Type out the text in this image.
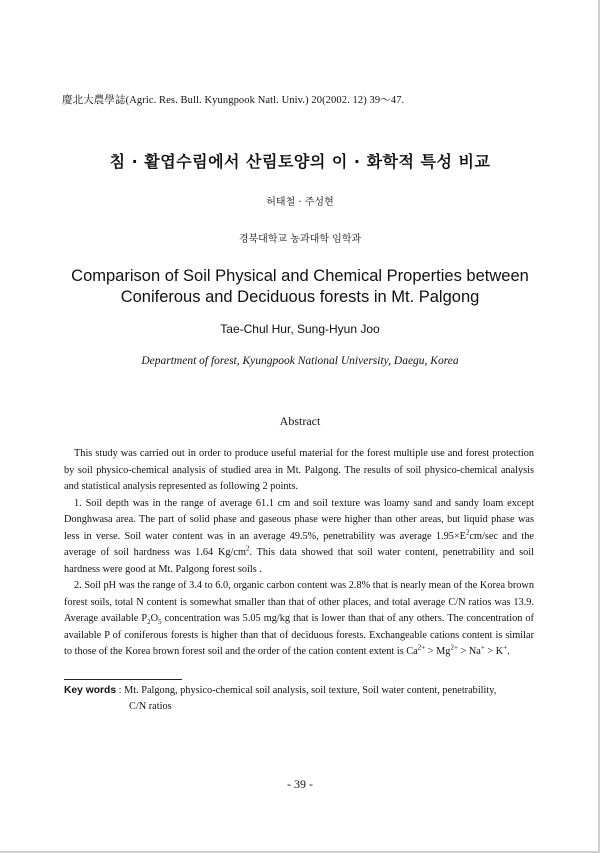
慶北大農學誌(Agric. Res. Bull. Kyungpook Natl. Univ.) 20(2002. 12) 39～47.
침 · 활엽수림에서 산림토양의 이 · 화학적 특성 비교
허태철 · 주성현
경북대학교 농과대학 임학과
Comparison of Soil Physical and Chemical Properties between
Coniferous and Deciduous forests in Mt. Palgong
Tae-Chul Hur, Sung-Hyun Joo
Department of forest, Kyungpook National University, Daegu, Korea
Abstract

This study was carried out in order to produce useful material for the forest multiple use and forest protection by soil physico-chemical analysis of studied area in Mt. Palgong. The results of soil physico-chemical analysis and statistical analysis represented as following 2 points.

1. Soil depth was in the range of average 61.1 cm and soil texture was loamy sand and sandy loam except Donghwasa area. The part of solid phase and gaseous phase were higher than other areas, but liquid phase was less in verse. Soil water content was in an average 49.5%, penetrability was average $1.95\times E^2cm/\sec$ and the average of soil hardness was 1.64 $Kg/cm^2$. This data showed that soil water content, penetrability and soil hardness were good at Mt. Palgong forest soils .

2. Soil pH was the range of 3.4 to 6.0, organic carbon content was 2.8% that is nearly mean of the Korea brown forest soils, total N content is somewhat smaller than that of other places, and total average C/N ratios was 13.9. Average available $P_2O_5$ concentration was 5.05 mg/kg that is lower than that of any others. The concentration of available P of coniferous forests is higher than that of deciduous forests. Exchangeable cations content is similar to those of the Korea brown forest soil and the order of the cation content extent is $Ca^{2+} > Mg^{2+} > Na^+ > K^+$.

Key words : Mt. Palgong, physico-chemical soil analysis, soil texture, Soil water content, penetrability,
C/N ratios
- 39 -
